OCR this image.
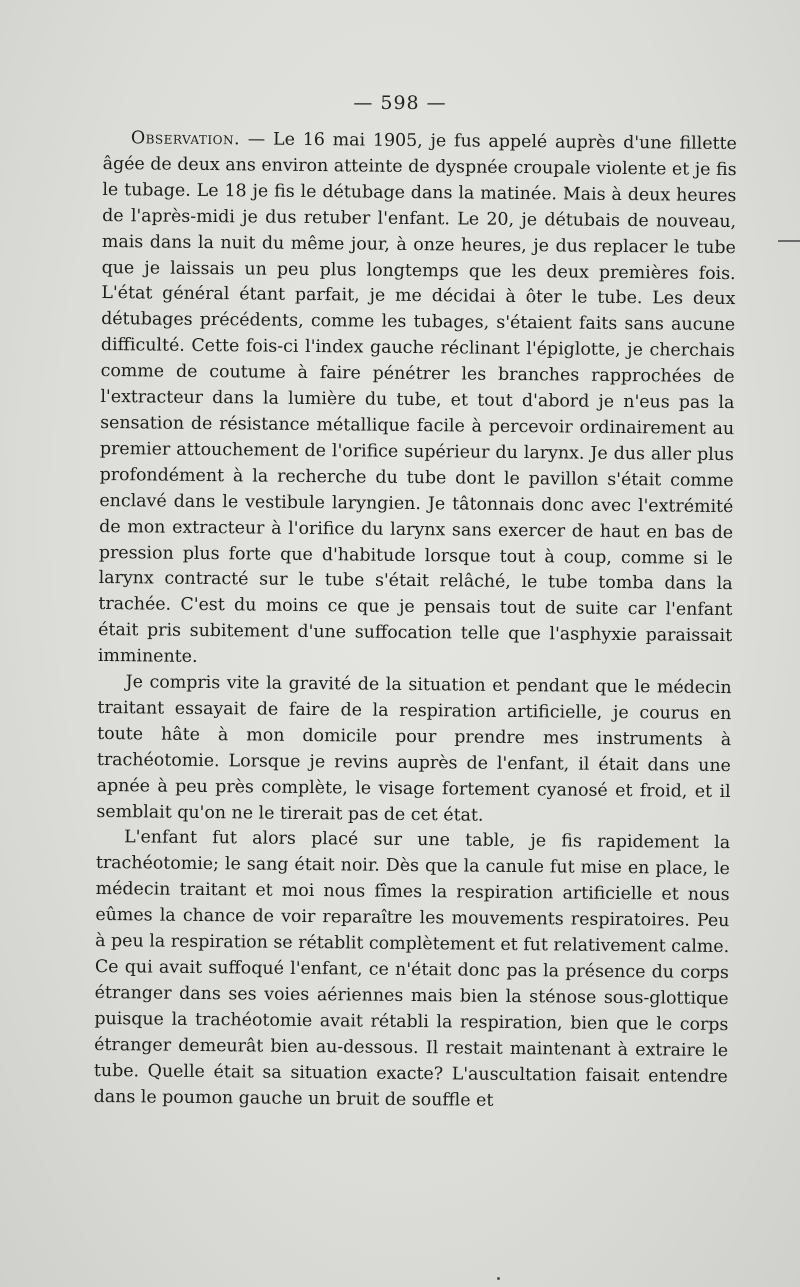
— 598 —

Observation. — Le 16 mai 1905, je fus appelé auprès d'une fillette âgée de deux ans environ atteinte de dyspnée croupale violente et je fis le tubage. Le 18 je fis le détubage dans la matinée. Mais à deux heures de l'après-midi je dus retuber l'enfant. Le 20, je détubais de nouveau, mais dans la nuit du même jour, à onze heures, je dus replacer le tube que je laissais un peu plus longtemps que les deux premières fois. L'état général étant parfait, je me décidai à ôter le tube. Les deux détubages précédents, comme les tubages, s'étaient faits sans aucune difficulté. Cette fois-ci l'index gauche réclinant l'épiglotte, je cherchais comme de coutume à faire pénétrer les branches rapprochées de l'extracteur dans la lumière du tube, et tout d'abord je n'eus pas la sensation de résistance métallique facile à percevoir ordinairement au premier attouchement de l'orifice supérieur du larynx. Je dus aller plus profondément à la recherche du tube dont le pavillon s'était comme enclavé dans le vestibule laryngien. Je tâtonnais donc avec l'extrémité de mon extracteur à l'orifice du larynx sans exercer de haut en bas de pression plus forte que d'habitude lorsque tout à coup, comme si le larynx contracté sur le tube s'était relâché, le tube tomba dans la trachée. C'est du moins ce que je pensais tout de suite car l'enfant était pris subitement d'une suffocation telle que l'asphyxie paraissait imminente.

Je compris vite la gravité de la situation et pendant que le médecin traitant essayait de faire de la respiration artificielle, je courus en toute hâte à mon domicile pour prendre mes instruments à trachéotomie. Lorsque je revins auprès de l'enfant, il était dans une apnée à peu près complète, le visage fortement cyanosé et froid, et il semblait qu'on ne le tirerait pas de cet état.

L'enfant fut alors placé sur une table, je fis rapidement la trachéotomie; le sang était noir. Dès que la canule fut mise en place, le médecin traitant et moi nous fîmes la respiration artificielle et nous eûmes la chance de voir reparaître les mouvements respiratoires. Peu à peu la respiration se rétablit complètement et fut relativement calme. Ce qui avait suffoqué l'enfant, ce n'était donc pas la présence du corps étranger dans ses voies aériennes mais bien la sténose sous-glottique puisque la trachéotomie avait rétabli la respiration, bien que le corps étranger demeurât bien au-dessous. Il restait maintenant à extraire le tube. Quelle était sa situation exacte? L'auscultation faisait entendre dans le poumon gauche un bruit de souffle et
